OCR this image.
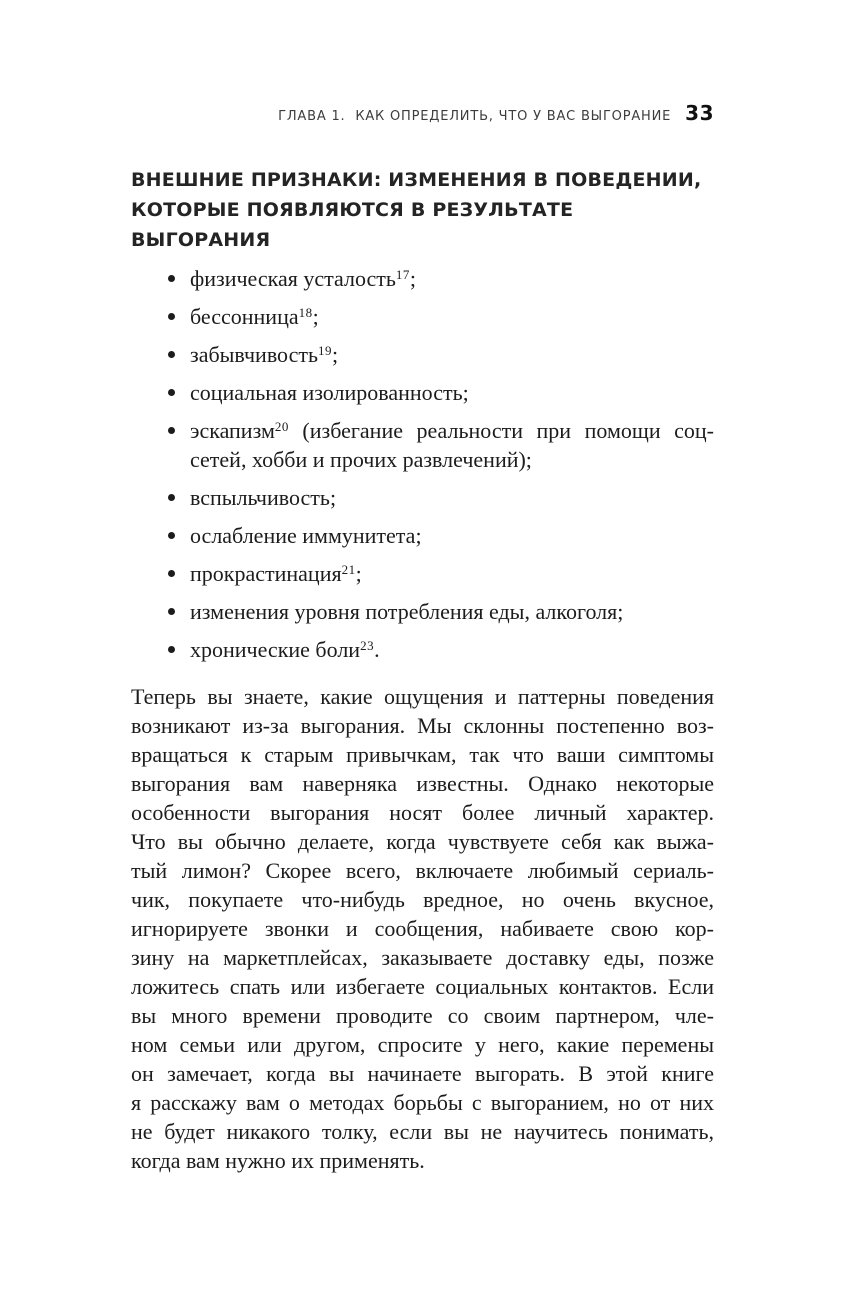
ГЛАВА 1.  КАК ОПРЕДЕЛИТЬ, ЧТО У ВАС ВЫГОРАНИЕ 33
ВНЕШНИЕ ПРИЗНАКИ: ИЗМЕНЕНИЯ В ПОВЕДЕНИИ,
КОТОРЫЕ ПОЯВЛЯЮТСЯ В РЕЗУЛЬТАТЕ ВЫГОРАНИЯ
физическая усталость$^{17}$;
бессонница$^{18}$;
забывчивость$^{19}$;
социальная изолированность;
эскапизм$^{20}$ (избегание реальности при помощи соцсетей, хобби и прочих развлечений);
вспыльчивость;
ослабление иммунитета;
прокрастинация$^{21}$;
изменения уровня потребления еды, алкоголя;
хронические боли$^{23}$.
Теперь вы знаете, какие ощущения и паттерны поведения
возникают из-за выгорания. Мы склонны постепенно воз-
вращаться к старым привычкам, так что ваши симптомы
выгорания вам наверняка известны. Однако некоторые
особенности выгорания носят более личный характер.
Что вы обычно делаете, когда чувствуете себя как выжа-
тый лимон? Скорее всего, включаете любимый сериаль-
чик, покупаете что-нибудь вредное, но очень вкусное,
игнорируете звонки и сообщения, набиваете свою кор-
зину на маркетплейсах, заказываете доставку еды, позже
ложитесь спать или избегаете социальных контактов. Если
вы много времени проводите со своим партнером, чле-
ном семьи или другом, спросите у него, какие перемены
он замечает, когда вы начинаете выгорать. В этой книге
я расскажу вам о методах борьбы с выгоранием, но от них
не будет никакого толку, если вы не научитесь понимать,
когда вам нужно их применять.
